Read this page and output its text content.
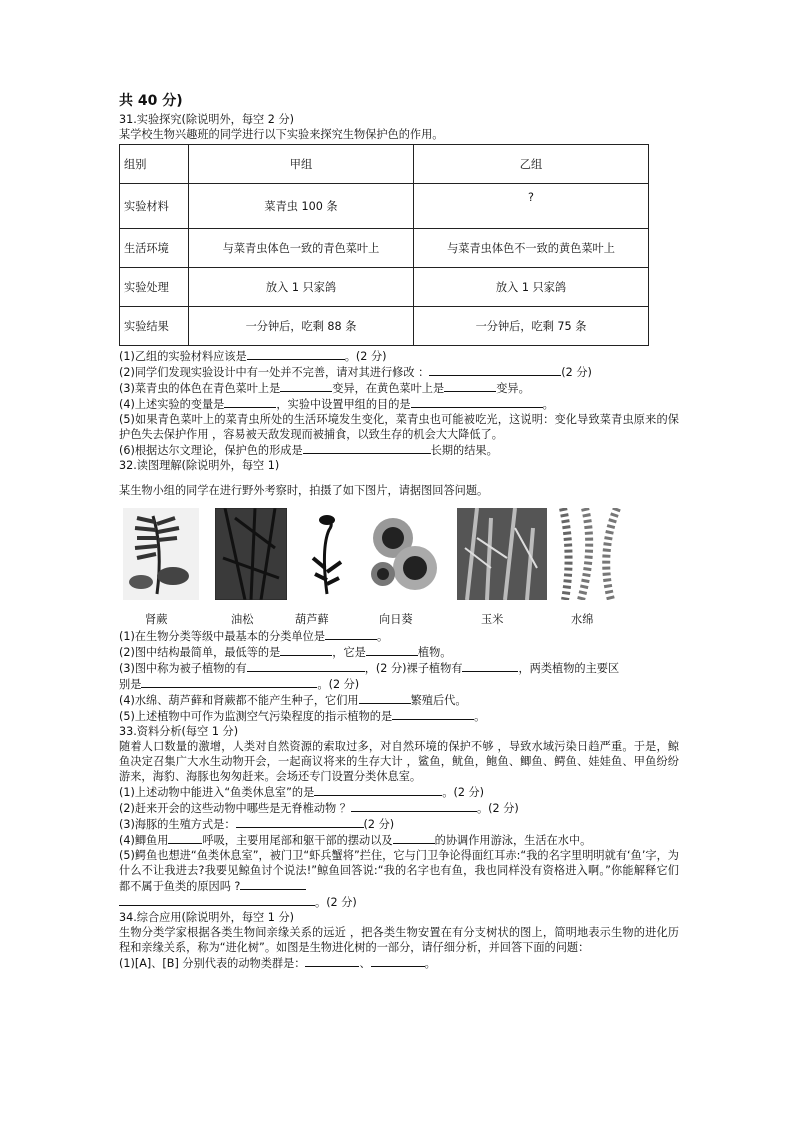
共 40 分)
31.实验探究(除说明外，每空 2 分)
某学校生物兴趣班的同学进行以下实验来探究生物保护色的作用。
组别	甲组	乙组
实验材料	菜青虫 100 条	?
生活环境	与菜青虫体色一致的青色菜叶上	与菜青虫体色不一致的黄色菜叶上
实验处理	放入 1 只家鸽	放入 1 只家鸽
实验结果	一分钟后，吃剩 88 条	一分钟后，吃剩 75 条
(1)乙组的实验材料应该是	。(2 分)
(2)同学们发现实验设计中有一处并不完善，请对其进行修改 ：	(2 分)
(3)菜青虫的体色在青色菜叶上是	变异，在黄色菜叶上是	变异。
(4)上述实验的变量是	，实验中设置甲组的目的是	。
(5)如果青色菜叶上的菜青虫所处的生活环境发生变化，菜青虫也可能被吃光，这说明：变化导致菜青虫原来的保护色失去保护作用 ，容易被天敌发现而被捕食，以致生存的机会大大降低了。
(6)根据达尔文理论，保护色的形成是	长期的结果。
32.读图理解(除说明外，每空 1)
某生物小组的同学在进行野外考察时，拍摄了如下图片，请据图回答问题。
肾蕨	油松	葫芦藓	向日葵	玉米	水绵
(1)在生物分类等级中最基本的分类单位是	。
(2)图中结构最简单，最低等的是	，它是	植物。
(3)图中称为被子植物的有	，(2 分)裸子植物有	，两类植物的主要区
别是	。(2 分)
(4)水绵、葫芦藓和肾蕨都不能产生种子，它们用	繁殖后代。
(5)上述植物中可作为监测空气污染程度的指示植物的是	。
33.资料分析(每空 1 分)
随着人口数量的激增，人类对自然资源的索取过多，对自然环境的保护不够 ，导致水域污染日趋严重。于是，鲸鱼决定召集广大水生动物开会，一起商议将来的生存大计 ，鲨鱼，鱿鱼，鲍鱼、鲫鱼、鳄鱼、娃娃鱼、甲鱼纷纷游来，海豹、海豚也匆匆赶来。会场还专门设置分类休息室。
(1)上述动物中能进入“鱼类休息室”的是	。(2 分)
(2)赶来开会的这些动物中哪些是无脊椎动物 ？	。(2 分)
(3)海豚的生殖方式是：	(2 分)
(4)鲫鱼用	呼吸，主要用尾部和躯干部的摆动以及	的协调作用游泳，生活在水中。
(5)鳄鱼也想进“鱼类休息室”，被门卫“虾兵蟹将”拦住，它与门卫争论得面红耳赤:“我的名字里明明就有‘鱼’字，为什么不让我进去?我要见鲸鱼讨个说法!”鲸鱼回答说:“我的名字也有鱼，我也同样没有资格进入啊。”你能解释它们都不属于鱼类的原因吗 ?
。(2 分)
34.综合应用(除说明外，每空 1 分)
生物分类学家根据各类生物间亲缘关系的远近 ，把各类生物安置在有分支树状的图上，简明地表示生物的进化历程和亲缘关系，称为“进化树”。如图是生物进化树的一部分，请仔细分析，并回答下面的问题：
(1)[A]、[B] 分别代表的动物类群是：	、	。
